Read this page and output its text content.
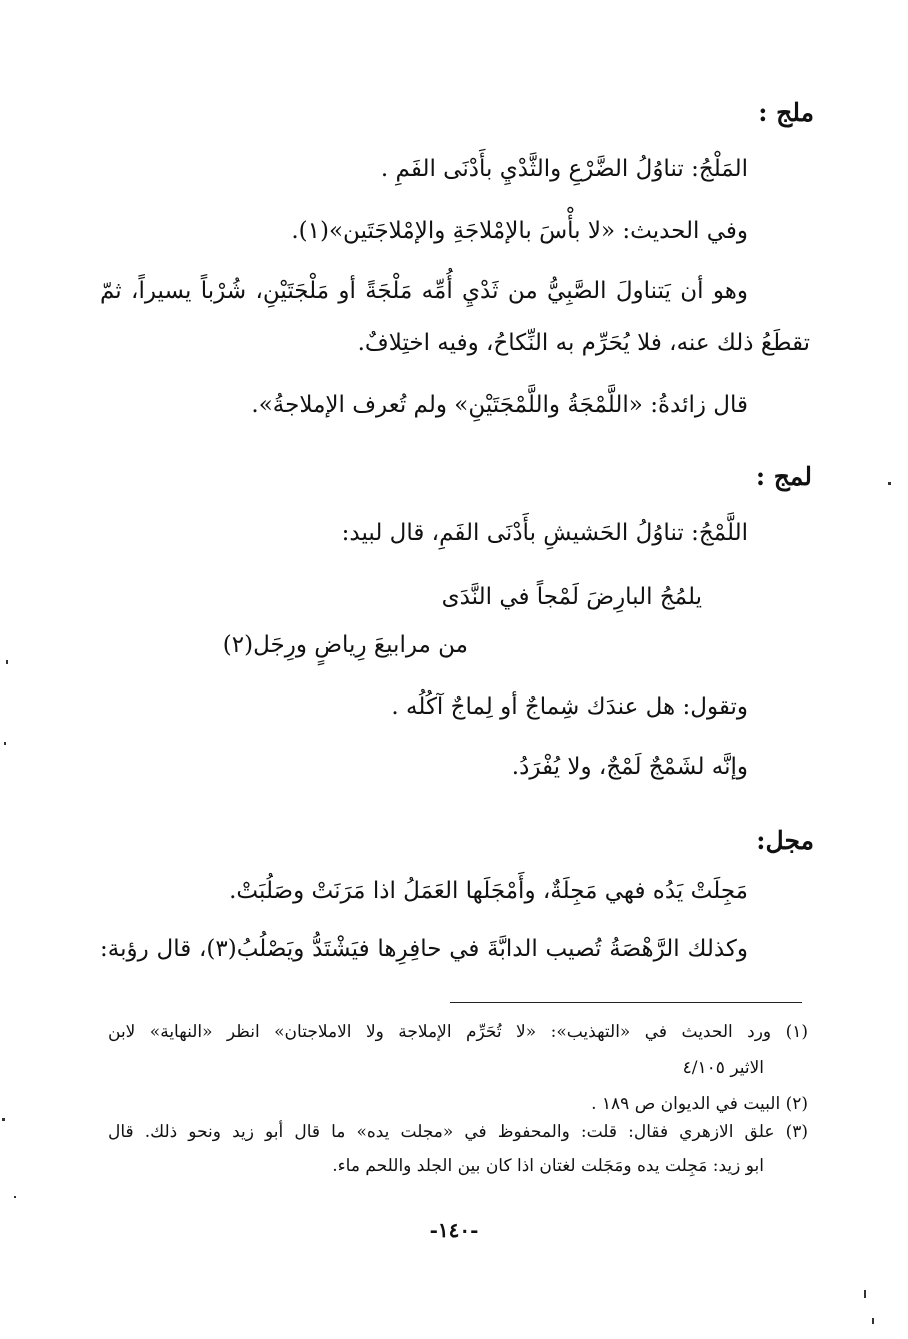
ملج :
المَلْجُ: تناوُلُ الضَّرْعِ والثَّدْيِ بأَدْنَى الفَمِ .
وفي الحديث: «لا بأْسَ بالإمْلاجَةِ والإمْلاجَتَين»(١).
وهو أن يَتناولَ الصَّبِيُّ من ثَدْيِ أُمِّه مَلْجَةً أو مَلْجَتَيْنِ، شُرْباً يسيراً، ثمّ
تقطَعُ ذلك عنه، فلا يُحَرِّم به النِّكاحُ، وفيه اختِلافٌ.
قال زائدةُ: «اللَّمْجَةُ واللَّمْجَتَيْنِ» ولم تُعرف الإملاجةُ».
لمج :
اللَّمْجُ: تناوُلُ الحَشيشِ بأَدْنَى الفَمِ، قال لبيد:
يلمُجُ البارِضَ لَمْجاً في النَّدَى
من مرابيعَ رِياضٍ ورِجَل(٢)
وتقول: هل عندَك شِماجٌ أو لِماجٌ آكُلُه .
وإنَّه لشَمْجٌ لَمْجٌ، ولا يُفْرَدُ.
مجل:
مَجِلَتْ يَدُه فهي مَجِلَةٌ، وأَمْجَلَها العَمَلُ اذا مَرَنَتْ وصَلُبَتْ.
وكذلك الرَّهْصَةُ تُصيب الدابَّةَ في حافِرِها فيَشْتَدُّ ويَصْلُبُ(٣)، قال رؤبة:
(١) ورد الحديث في «التهذيب»: «لا تُحَرِّم الإملاجة ولا الاملاجتان» انظر «النهاية» لابن
الاثير ٤/١٠٥
(٢) البيت في الديوان ص ١٨٩ .
(٣) علق الازهري فقال: قلت: والمحفوظ في «مجلت يده» ما قال أبو زيد ونحو ذلك. قال
ابو زيد: مَجِلت يده ومَجَلت لغتان اذا كان بين الجلد واللحم ماء.
-١٤٠-
